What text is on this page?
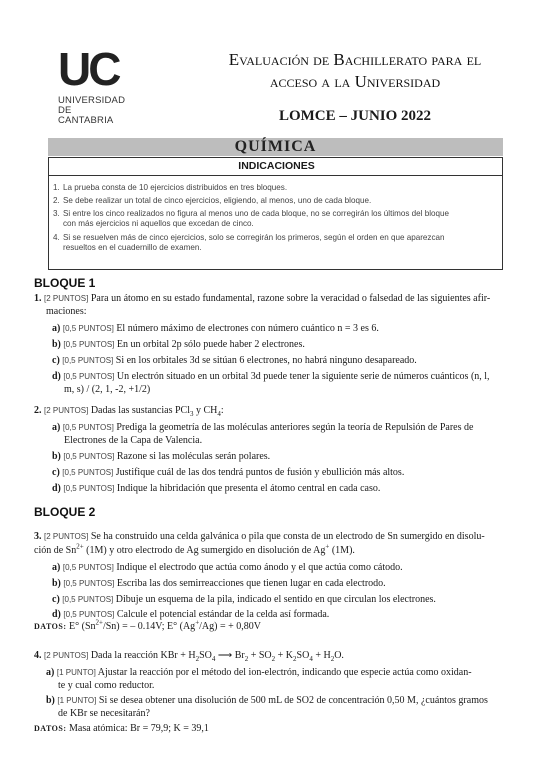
UC
UNIVERSIDAD
DE CANTABRIA
Evaluación de Bachillerato para el
acceso a la Universidad
LOMCE – JUNIO 2022
QUÍMICA
INDICACIONES
1. La prueba consta de 10 ejercicios distribuidos en tres bloques.
2. Se debe realizar un total de cinco ejercicios, eligiendo, al menos, uno de cada bloque.
3. Si entre los cinco realizados no figura al menos uno de cada bloque, no se corregirán los últimos del bloque
con más ejercicios ni aquellos que excedan de cinco.
4. Si se resuelven más de cinco ejercicios, solo se corregirán los primeros, según el orden en que aparezcan
resueltos en el cuadernillo de examen.
BLOQUE 1
1. [2 PUNTOS] Para un átomo en su estado fundamental, razone sobre la veracidad o falsedad de las siguientes afir-
maciones:
a) [0,5 PUNTOS] El número máximo de electrones con número cuántico n = 3 es 6.
b) [0,5 PUNTOS] En un orbital 2p sólo puede haber 2 electrones.
c) [0,5 PUNTOS] Si en los orbitales 3d se sitúan 6 electrones, no habrá ninguno desapareado.
d) [0,5 PUNTOS] Un electrón situado en un orbital 3d puede tener la siguiente serie de números cuánticos (n, l,
m, s) / (2, 1, -2, +1/2)
2. [2 PUNTOS] Dadas las sustancias PCl$_3$ y $CH_4$:
a) [0,5 PUNTOS] Prediga la geometría de las moléculas anteriores según la teoría de Repulsión de Pares de
Electrones de la Capa de Valencia.
b) [0,5 PUNTOS] Razone si las moléculas serán polares.
c) [0,5 PUNTOS] Justifique cuál de las dos tendrá puntos de fusión y ebullición más altos.
d) [0,5 PUNTOS] Indique la hibridación que presenta el átomo central en cada caso.
BLOQUE 2
3. [2 PUNTOS] Se ha construido una celda galvánica o pila que consta de un electrodo de Sn sumergido en disolu-
ción de $Sn^{2+}$ (1M) y otro electrodo de Ag sumergido en disolución de Ag+ (1M).
a) [0,5 PUNTOS] Indique el electrodo que actúa como ánodo y el que actúa como cátodo.
b) [0,5 PUNTOS] Escriba las dos semirreacciones que tienen lugar en cada electrodo.
c) [0,5 PUNTOS] Dibuje un esquema de la pila, indicado el sentido en que circulan los electrones.
d) [0,5 PUNTOS] Calcule el potencial estándar de la celda así formada.
DATOS: E° $(Sn^{2+}/Sn)$ = – 0.14V; E° (Ag+/Ag) = + 0,80V
4. [2 PUNTOS] Dada la reacción KBr + $H_2SO_4$ ⟶ $Br_2 + SO_2 + K_2SO_4 + H_2O$.
a) [1 PUNTO] Ajustar la reacción por el método del ion-electrón, indicando que especie actúa como oxidan-
te y cual como reductor.
b) [1 PUNTO] Si se desea obtener una disolución de 500 mL de SO2 de concentración 0,50 M, ¿cuántos gramos
de KBr se necesitarán?
DATOS: Masa atómica: Br = 79,9; K = 39,1
